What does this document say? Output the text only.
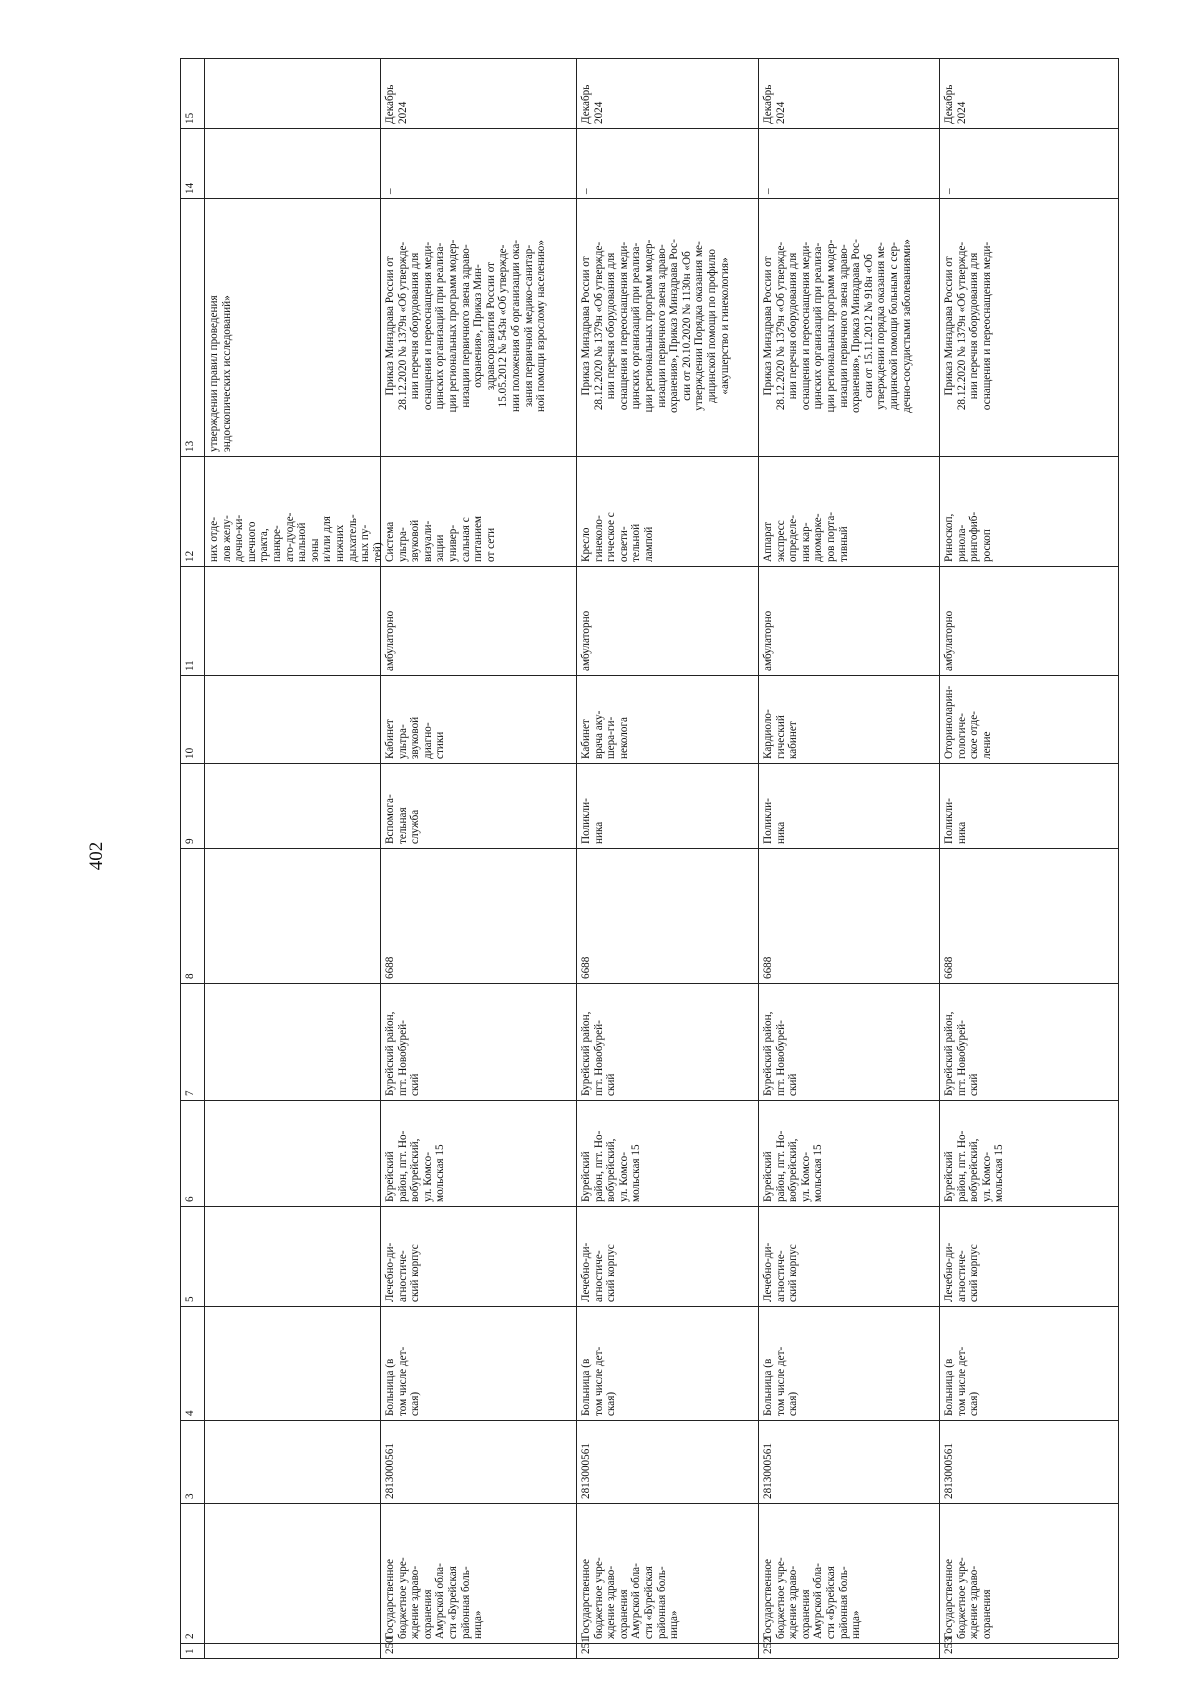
402
15
14
13
12
11
10
9
8
7
6
5
4
3
2
1
них отде-
лов желу-
дочно-ки-
шечного
тракта,
панкре-
ато-дуоде-
нальной
зоны
и/или для
нижних
дыхатель-
ных пу-
тей)
утверждении правил проведения
эндоскопических исследований»
Декабрь
2024
–
Приказ Минздрава России от
28.12.2020 № 1379н «Об утвержде-
нии перечня оборудования для
оснащения и переоснащения меди-
цинских организаций при реализа-
ции региональных программ модер-
низации первичного звена здраво-
охранения», Приказ Мин-
здравсоразвития России от
15.05.2012 № 543н «Об утвержде-
нии положения об организации ока-
зания первичной медико-санитар-
ной помощи взрослому населению»
Система
ультра-
звуковой
визуали-
зации
универ-
сальная с
питанием
от сети
амбулаторно
Кабинет
ультра-
звуковой
диагно-
стики
Вспомога-
тельная
служба
6688
Бурейский район,
пгт. Новобурей-
ский
Бурейский
район, пгт. Но-
вобурейский,
ул. Комсо-
мольская 15
Лечебно-ди-
агностиче-
ский корпус
Больница (в
том числе дет-
ская)
2813000561
Государственное
бюджетное учре-
ждение здраво-
охранения
Амурской обла-
сти «Бурейская
районная боль-
ница»
250
Декабрь
2024
–
Приказ Минздрава России от
28.12.2020 № 1379н «Об утвержде-
нии перечня оборудования для
оснащения и переоснащения меди-
цинских организаций при реализа-
ции региональных программ модер-
низации первичного звена здраво-
охранения», Приказ Минздрава Рос-
сии от 20.10.2020 № 1130н «Об
утверждении Порядка оказания ме-
дицинской помощи по профилю
«акушерство и гинекология»
Кресло
гинеколо-
гическое с
освети-
тельной
лампой
амбулаторно
Кабинет
врача аку-
шера-ги-
неколога
Поликли-
ника
6688
Бурейский район,
пгт. Новобурей-
ский
Бурейский
район, пгт. Но-
вобурейский,
ул. Комсо-
мольская 15
Лечебно-ди-
агностиче-
ский корпус
Больница (в
том числе дет-
ская)
2813000561
Государственное
бюджетное учре-
ждение здраво-
охранения
Амурской обла-
сти «Бурейская
районная боль-
ница»
251
Декабрь
2024
–
Приказ Минздрава России от
28.12.2020 № 1379н «Об утвержде-
нии перечня оборудования для
оснащения и переоснащения меди-
цинских организаций при реализа-
ции региональных программ модер-
низации первичного звена здраво-
охранения», Приказ Минздрава Рос-
сии от 15.11.2012 № 918н «Об
утверждении порядка оказания ме-
дицинской помощи больным с сер-
дечно-сосудистыми заболеваниями»
Аппарат
экспресс
определе-
ния кар-
диомарке-
ров порта-
тивный
амбулаторно
Кардиоло-
гический
кабинет
Поликли-
ника
6688
Бурейский район,
пгт. Новобурей-
ский
Бурейский
район, пгт. Но-
вобурейский,
ул. Комсо-
мольская 15
Лечебно-ди-
агностиче-
ский корпус
Больница (в
том числе дет-
ская)
2813000561
Государственное
бюджетное учре-
ждение здраво-
охранения
Амурской обла-
сти «Бурейская
районная боль-
ница»
252
Декабрь
2024
–
Приказ Минздрава России от
28.12.2020 № 1379н «Об утвержде-
нии перечня оборудования для
оснащения и переоснащения меди-
Риноскоп,
ринола-
рингофиб-
роскоп
амбулаторно
Оториноларин-
гологиче-
ское отде-
ление
Поликли-
ника
6688
Бурейский район,
пгт. Новобурей-
ский
Бурейский
район, пгт. Но-
вобурейский,
ул. Комсо-
мольская 15
Лечебно-ди-
агностиче-
ский корпус
Больница (в
том числе дет-
ская)
2813000561
Государственное
бюджетное учре-
ждение здраво-
охранения
253
